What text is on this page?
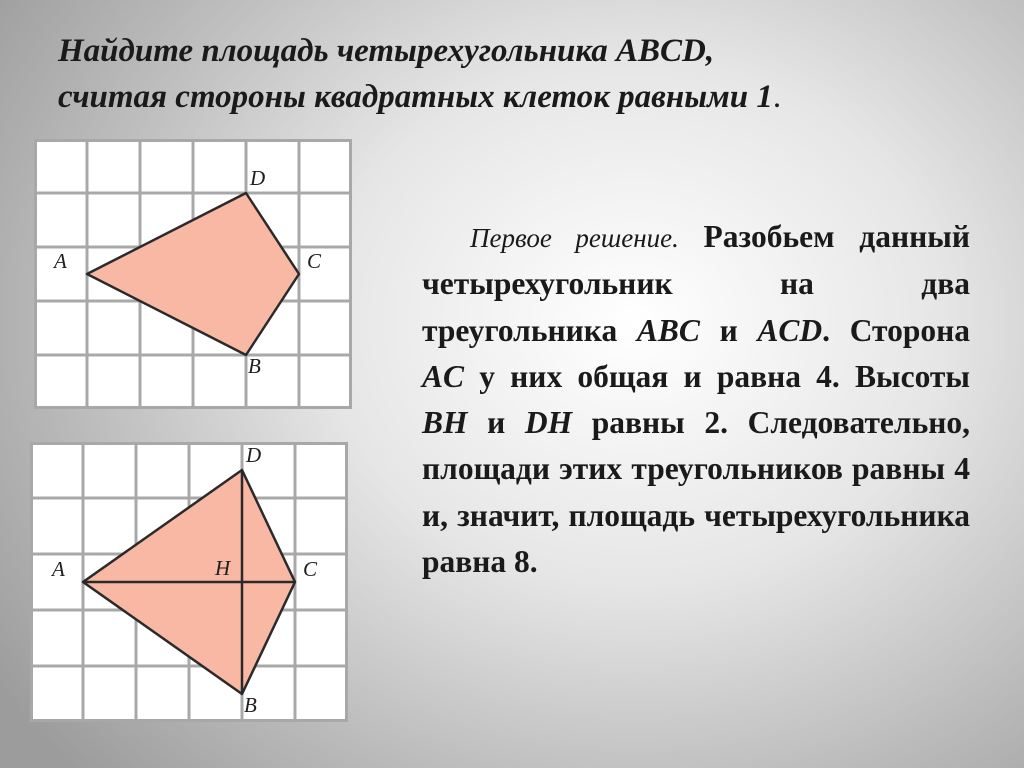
Найдите площадь четырехугольника ABCD,
считая стороны квадратных клеток равными 1.
A
B
C
D
A
B
C
D
H

Первое решение. Разобьем данный четырехугольник на два треугольника ABC и ACD. Сторона AC у них общая и равна 4. Высоты BH и DH равны 2. Следовательно, площади этих треугольников равны 4 и, значит, площадь четырехугольника равна 8.
